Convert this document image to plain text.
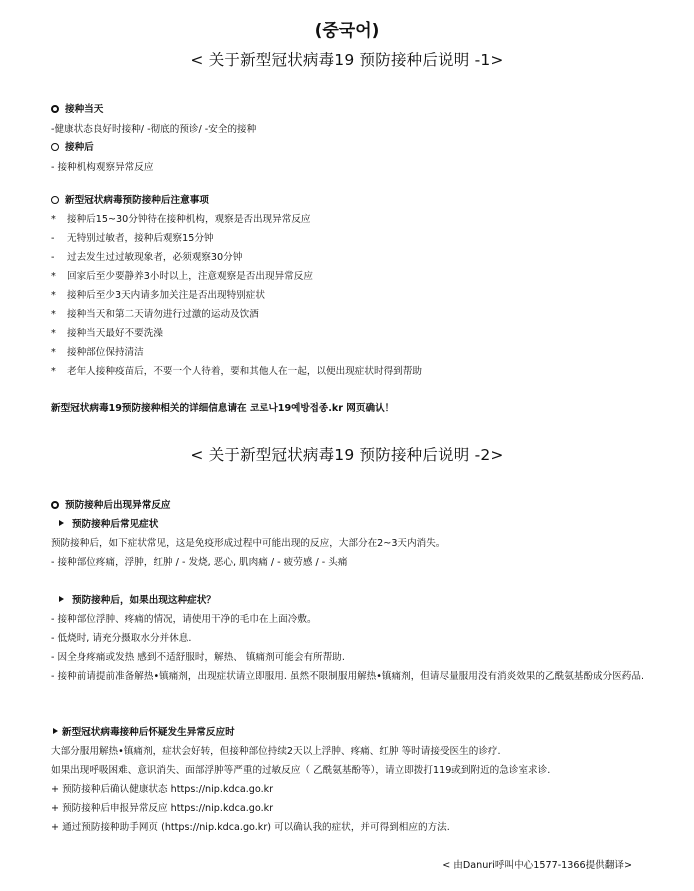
(중국어)
< 关于新型冠状病毒19 预防接种后说明 -1>
接种当天
-健康状态良好时接种/ -彻底的预诊/ -安全的接种
接种后
- 接种机构观察异常反应
新型冠状病毒预防接种后注意事项
* 接种后15~30分钟待在接种机构，观察是否出现异常反应
- 无特别过敏者，接种后观察15分钟
- 过去发生过过敏现象者，必须观察30分钟
* 回家后至少要静养3小时以上，注意观察是否出现异常反应
* 接种后至少3天内请多加关注是否出现特别症状
* 接种当天和第二天请勿进行过激的运动及饮酒
* 接种当天最好不要洗澡
* 接种部位保持清洁
* 老年人接种疫苗后，不要一个人待着，要和其他人在一起，以便出现症状时得到帮助
新型冠状病毒19预防接种相关的详细信息请在 코로나19예방접종.kr 网页确认！
< 关于新型冠状病毒19 预防接种后说明 -2>
预防接种后出现异常反应
预防接种后常见症状
预防接种后，如下症状常见，这是免疫形成过程中可能出现的反应，大部分在2~3天内消失。
- 接种部位疼痛，浮肿，红肿 / - 发烧, 恶心, 肌肉痛 / - 疲劳感 / - 头痛
预防接种后，如果出现这种症状？
- 接种部位浮肿、疼痛的情况，请使用干净的毛巾在上面冷敷。
- 低烧时, 请充分摄取水分并休息.
- 因全身疼痛或发热 感到不适舒服时，解热、 镇痛剂可能会有所帮助.
- 接种前请提前准备解热•镇痛剂，出现症状请立即服用. 虽然不限制服用解热•镇痛剂，但请尽量服用没有消炎效果的乙酰氨基酚成分医药品.
新型冠状病毒接种后怀疑发生异常反应时
大部分服用解热•镇痛剂，症状会好转，但接种部位持续2天以上浮肿、疼痛、红肿 等时请接受医生的诊疗.
如果出现呼吸困难、意识消失、面部浮肿等严重的过敏反应（ 乙酰氨基酚等），请立即拨打119或到附近的急诊室求诊.
+ 预防接种后确认健康状态 https://nip.kdca.go.kr
+ 预防接种后申报异常反应 https://nip.kdca.go.kr
+ 通过预防接种助手网页 (https://nip.kdca.go.kr) 可以确认我的症状，并可得到相应的方法.
< 由Danuri呼叫中心1577-1366提供翻译>
